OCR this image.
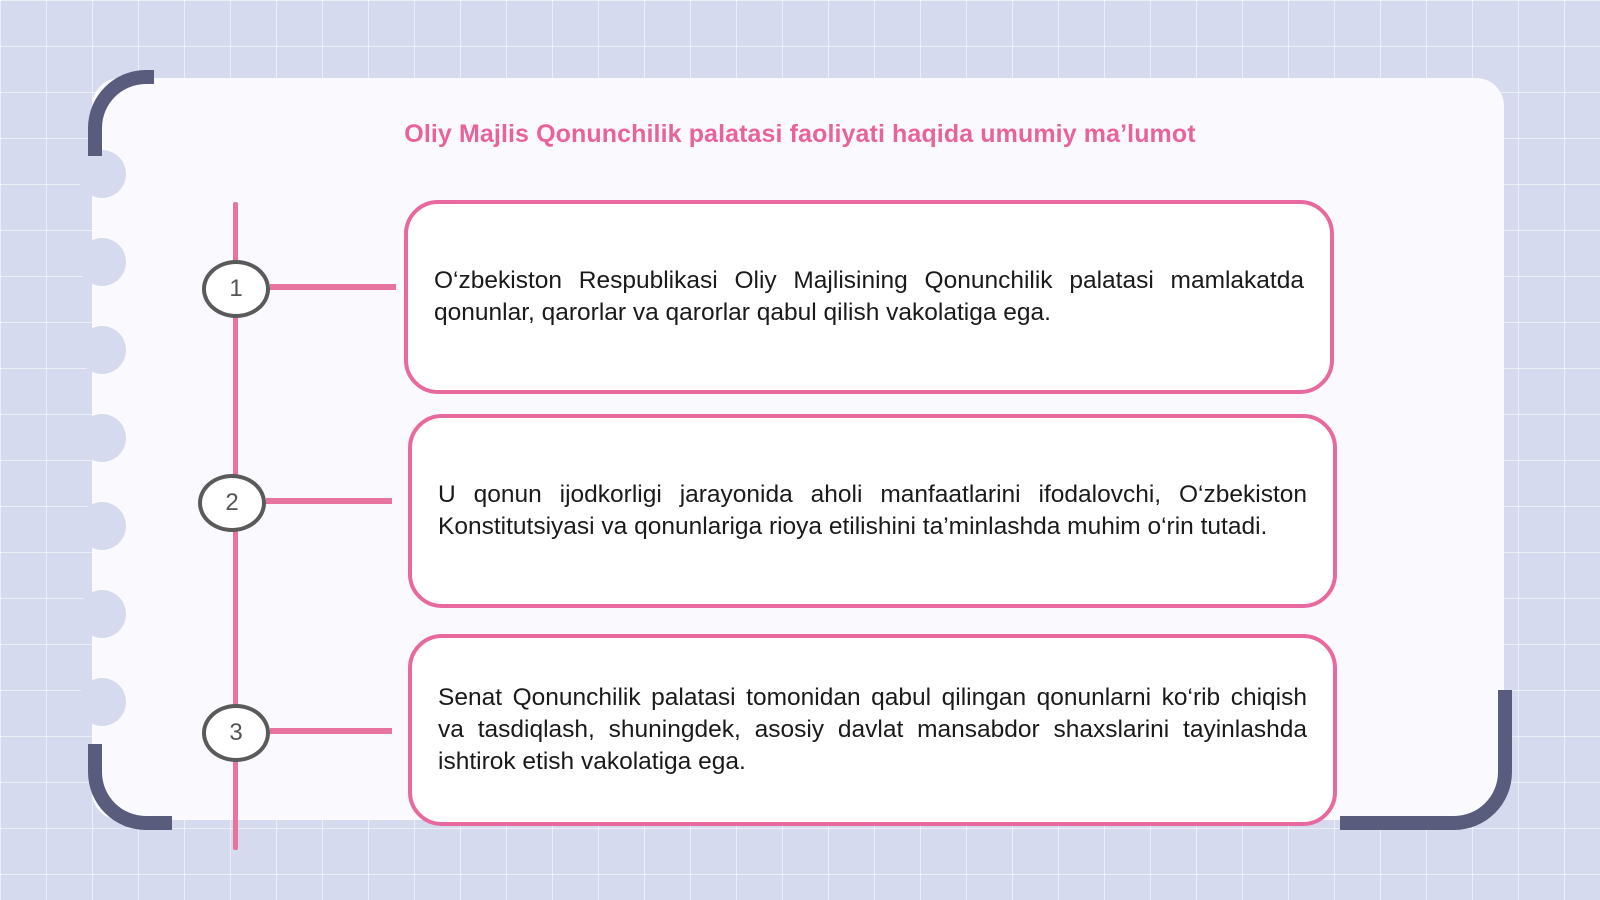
Oliy Majlis Qonunchilik palatasi faoliyati haqida umumiy ma’lumot
1	O‘zbekiston Respublikasi Oliy Majlisining Qonunchilik palatasi mamlakatda qonunlar, qarorlar va qarorlar qabul qilish vakolatiga ega.

2	U qonun ijodkorligi jarayonida aholi manfaatlarini ifodalovchi, O‘zbekiston Konstitutsiyasi va qonunlariga rioya etilishini ta’minlashda muhim o‘rin tutadi.

3

Senat Qonunchilik palatasi tomonidan qabul qilingan qonunlarni ko‘rib chiqish va tasdiqlash, shuningdek, asosiy davlat mansabdor shaxslarini tayinlashda ishtirok etish vakolatiga ega.
